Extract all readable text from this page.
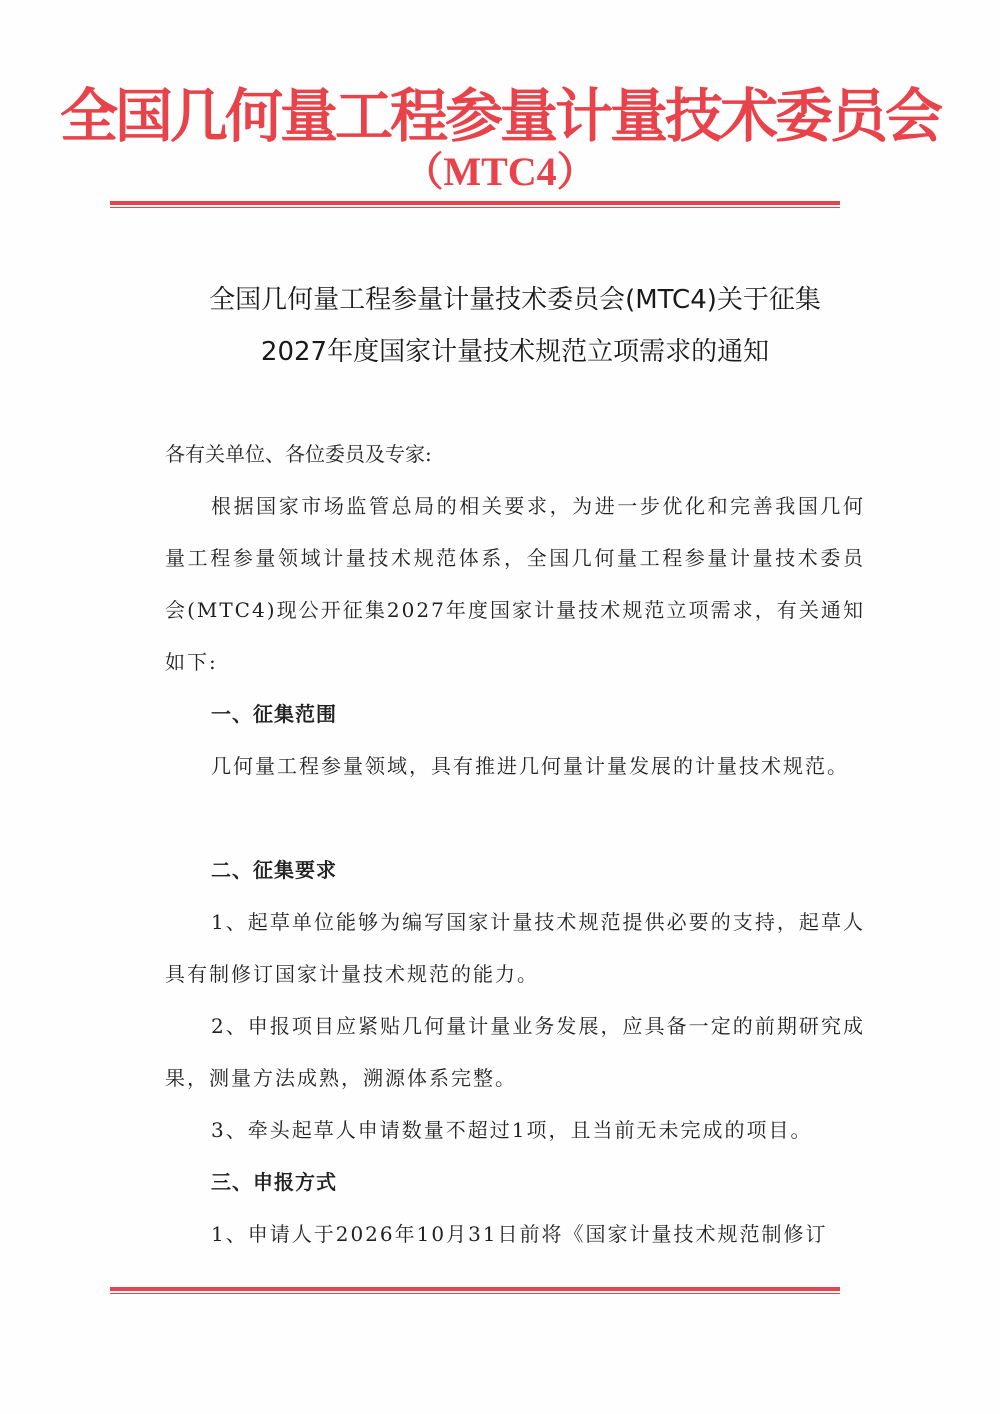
全国几何量工程参量计量技术委员会
（MTC4）
全国几何量工程参量计量技术委员会(MTC4)关于征集
2027年度国家计量技术规范立项需求的通知
各有关单位、各位委员及专家:
根据国家市场监管总局的相关要求，为进一步优化和完善我国几何量工程参量领域计量技术规范体系，全国几何量工程参量计量技术委员会(MTC4)现公开征集2027年度国家计量技术规范立项需求，有关通知如下:
一、征集范围
几何量工程参量领域，具有推进几何量计量发展的计量技术规范。
二、征集要求
1、起草单位能够为编写国家计量技术规范提供必要的支持，起草人具有制修订国家计量技术规范的能力。
2、申报项目应紧贴几何量计量业务发展，应具备一定的前期研究成果，测量方法成熟，溯源体系完整。
3、牵头起草人申请数量不超过1项，且当前无未完成的项目。
三、申报方式
1、申请人于2026年10月31日前将《国家计量技术规范制修订
